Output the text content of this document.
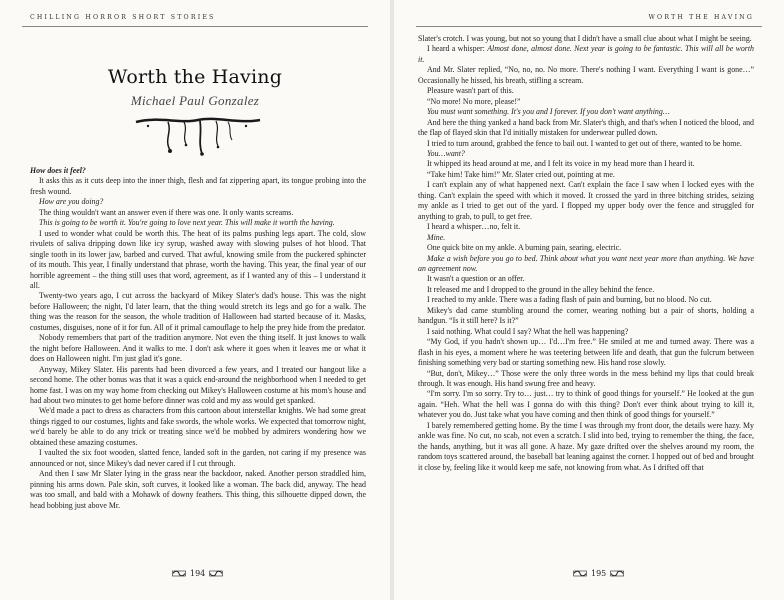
CHILLING HORROR SHORT STORIES
Worth the Having
Michael Paul Gonzalez

How does it feel?

It asks this as it cuts deep into the inner thigh, flesh and fat zippering apart, its tongue probing into the fresh wound.

How are you doing?

The thing wouldn't want an answer even if there was one. It only wants screams.

This is going to be worth it. You're going to love next year. This will make it worth the having.

I used to wonder what could be worth this. The heat of its palms pushing legs apart. The cold, slow rivulets of saliva dripping down like icy syrup, washed away with slowing pulses of hot blood. That single tooth in its lower jaw, barbed and curved. That awful, knowing smile from the puckered sphincter of its mouth. This year, I finally understand that phrase, worth the having. This year, the final year of our horrible agreement – the thing still uses that word, agreement, as if I wanted any of this – I understand it all.

Twenty-two years ago, I cut across the backyard of Mikey Slater's dad's house. This was the night before Halloween; the night, I'd later learn, that the thing would stretch its legs and go for a walk. The thing was the reason for the season, the whole tradition of Halloween had started because of it. Masks, costumes, disguises, none of it for fun. All of it primal camouflage to help the prey hide from the predator.

Nobody remembers that part of the tradition anymore. Not even the thing itself. It just knows to walk the night before Halloween. And it walks to me. I don't ask where it goes when it leaves me or what it does on Halloween night. I'm just glad it's gone.

Anyway, Mikey Slater. His parents had been divorced a few years, and I treated our hangout like a second home. The other bonus was that it was a quick end-around the neighborhood when I needed to get home fast. I was on my way home from checking out Mikey's Halloween costume at his mom's house and had about two minutes to get home before dinner was cold and my ass would get spanked.

We'd made a pact to dress as characters from this cartoon about interstellar knights. We had some great things rigged to our costumes, lights and fake swords, the whole works. We expected that tomorrow night, we'd barely be able to do any trick or treating since we'd be mobbed by admirers wondering how we obtained these amazing costumes.

I vaulted the six foot wooden, slatted fence, landed soft in the garden, not caring if my presence was announced or not, since Mikey's dad never cared if I cut through.

And then I saw Mr Slater lying in the grass near the backdoor, naked. Another person straddled him, pinning his arms down. Pale skin, soft curves, it looked like a woman. The back did, anyway. The head was too small, and bald with a Mohawk of downy feathers. This thing, this silhouette dipped down, the head bobbing just above Mr.

194
WORTH THE HAVING

Slater's crotch. I was young, but not so young that I didn't have a small clue about what I might be seeing.

I heard a whisper: Almost done, almost done. Next year is going to be fantastic. This will all be worth it.

And Mr. Slater replied, “No, no, no. No more. There's nothing I want. Everything I want is gone…” Occasionally he hissed, his breath, stifling a scream.

Pleasure wasn't part of this.

“No more! No more, please!”

You must want something. It's you and I forever. If you don't want anything…

And here the thing yanked a hand back from Mr. Slater's thigh, and that's when I noticed the blood, and the flap of flayed skin that I'd initially mistaken for underwear pulled down.

I tried to turn around, grabbed the fence to bail out. I wanted to get out of there, wanted to be home.

You…want?

It whipped its head around at me, and I felt its voice in my head more than I heard it.

“Take him! Take him!” Mr. Slater cried out, pointing at me.

I can't explain any of what happened next. Can't explain the face I saw when I locked eyes with the thing. Can't explain the speed with which it moved. It crossed the yard in three bitching strides, seizing my ankle as I tried to get out of the yard. I flopped my upper body over the fence and struggled for anything to grab, to pull, to get free.

I heard a whisper…no, felt it.

Mine.

One quick bite on my ankle. A burning pain, searing, electric.

Make a wish before you go to bed. Think about what you want next year more than anything. We have an agreement now.

It wasn't a question or an offer.

It released me and I dropped to the ground in the alley behind the fence.

I reached to my ankle. There was a fading flash of pain and burning, but no blood. No cut.

Mikey's dad came stumbling around the corner, wearing nothing but a pair of shorts, holding a handgun. “Is it still here? Is it?”

I said nothing. What could I say? What the hell was happening?

“My God, if you hadn't shown up… I'd…I'm free.” He smiled at me and turned away. There was a flash in his eyes, a moment where he was teetering between life and death, that gun the fulcrum between finishing something very bad or starting something new. His hand rose slowly.

“But, don't, Mikey…” Those were the only three words in the mess behind my lips that could break through. It was enough. His hand swung free and heavy.

“I'm sorry. I'm so sorry. Try to… just… try to think of good things for yourself.” He looked at the gun again. “Heh. What the hell was I gonna do with this thing? Don't ever think about trying to kill it, whatever you do. Just take what you have coming and then think of good things for yourself.”

I barely remembered getting home. By the time I was through my front door, the details were hazy. My ankle was fine. No cut, no scab, not even a scratch. I slid into bed, trying to remember the thing, the face, the hands, anything, but it was all gone. A haze. My gaze drifted over the shelves around my room, the random toys scattered around, the baseball bat leaning against the corner. I hopped out of bed and brought it close by, feeling like it would keep me safe, not knowing from what. As I drifted off that

195
